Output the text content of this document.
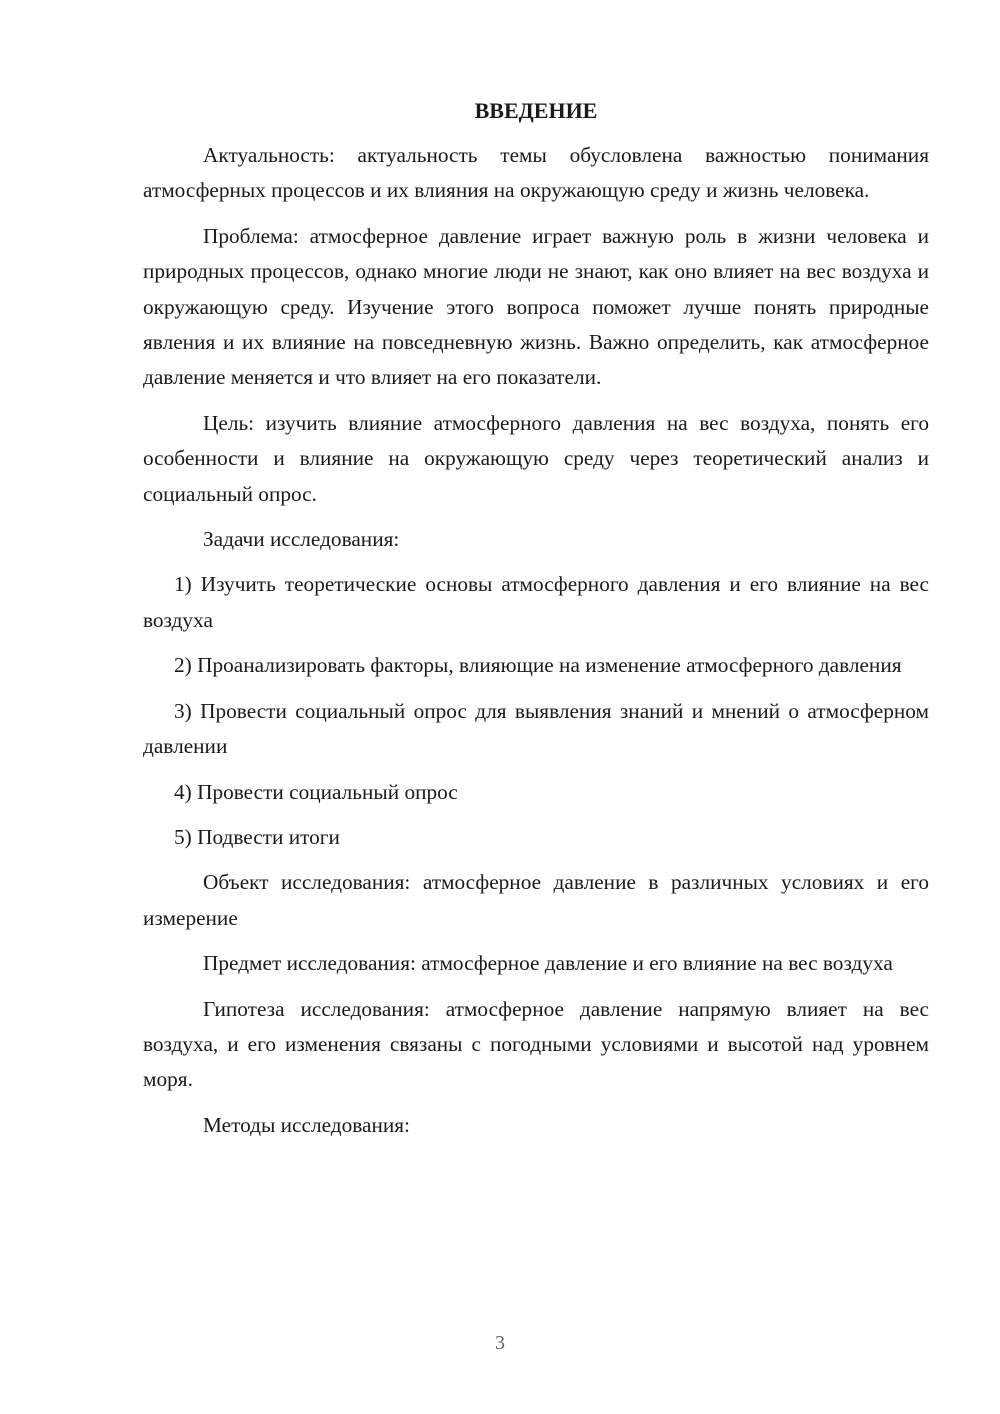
ВВЕДЕНИЕ

Актуальность: актуальность темы обусловлена важностью понимания атмосферных процессов и их влияния на окружающую среду и жизнь человека.

Проблема: атмосферное давление играет важную роль в жизни человека и природных процессов, однако многие люди не знают, как оно влияет на вес воздуха и окружающую среду. Изучение этого вопроса поможет лучше понять природные явления и их влияние на повседневную жизнь. Важно определить, как атмосферное давление меняется и что влияет на его показатели.

Цель: изучить влияние атмосферного давления на вес воздуха, понять его особенности и влияние на окружающую среду через теоретический анализ и социальный опрос.

Задачи исследования:

1) Изучить теоретические основы атмосферного давления и его влияние на вес воздуха

2) Проанализировать факторы, влияющие на изменение атмосферного давления

3) Провести социальный опрос для выявления знаний и мнений о атмосферном давлении

4) Провести социальный опрос

5) Подвести итоги

Объект исследования: атмосферное давление в различных условиях и его измерение

Предмет исследования: атмосферное давление и его влияние на вес воздуха

Гипотеза исследования: атмосферное давление напрямую влияет на вес воздуха, и его изменения связаны с погодными условиями и высотой над уровнем моря.

Методы исследования:

3
